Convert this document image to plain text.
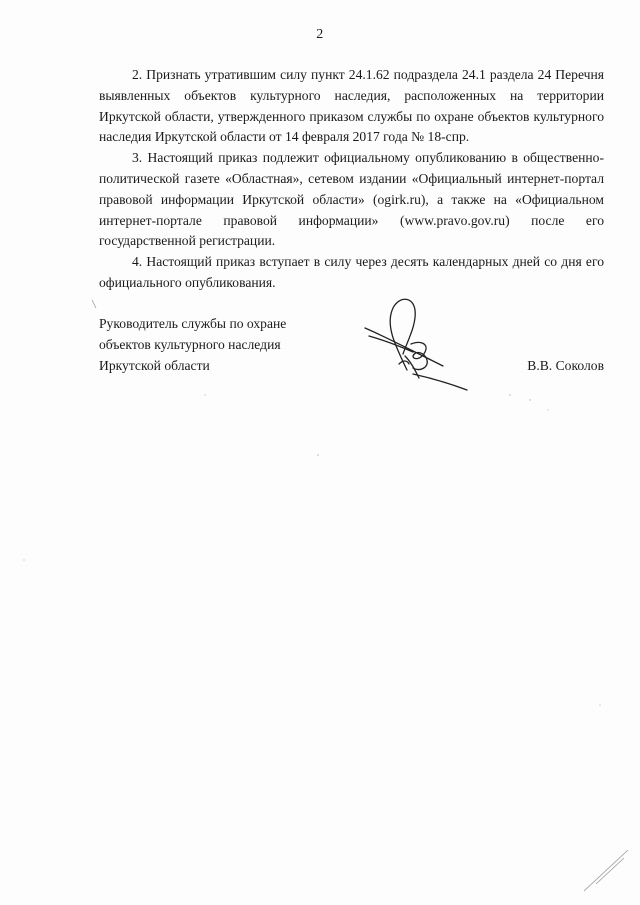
2

2. Признать утратившим силу пункт 24.1.62 подраздела 24.1 раздела 24 Перечня выявленных объектов культурного наследия, расположенных на территории Иркутской области, утвержденного приказом службы по охране объектов культурного наследия Иркутской области от 14 февраля 2017 года № 18-спр.

3. Настоящий приказ подлежит официальному опубликованию в общественно-политической газете «Областная», сетевом издании «Официальный интернет-портал правовой информации Иркутской области» (ogirk.ru), а также на «Официальном интернет-портале правовой информации» (www.pravo.gov.ru) после его государственной регистрации.

4. Настоящий приказ вступает в силу через десять календарных дней со дня его официального опубликования.

Руководитель службы по охране
объектов культурного наследия
Иркутской области	В.В. Соколов
